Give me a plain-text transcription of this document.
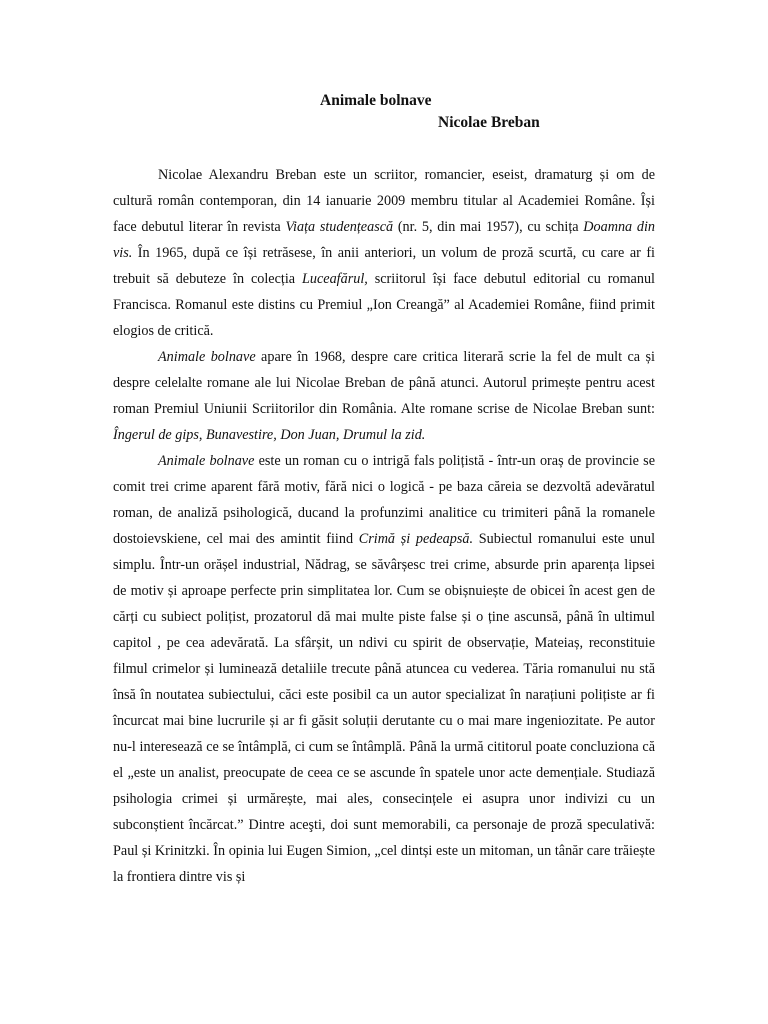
Animale bolnave
Nicolae Breban

Nicolae Alexandru Breban este un scriitor, romancier, eseist, dramaturg și om de cultură român contemporan, din 14 ianuarie 2009 membru titular al Academiei Române. Își face debutul literar în revista Viața studențească (nr. 5, din mai 1957), cu schița Doamna din vis. În 1965, după ce își retrăsese, în anii anteriori, un volum de proză scurtă, cu care ar fi trebuit să debuteze în colecția Luceafărul, scriitorul își face debutul editorial cu romanul Francisca. Romanul este distins cu Premiul „Ion Creangă” al Academiei Române, fiind primit elogios de critică.

Animale bolnave apare în 1968, despre care critica literară scrie la fel de mult ca și despre celelalte romane ale lui Nicolae Breban de până atunci. Autorul primește pentru acest roman Premiul Uniunii Scriitorilor din România. Alte romane scrise de Nicolae Breban sunt: Îngerul de gips, Bunavestire, Don Juan, Drumul la zid.

Animale bolnave este un roman cu o intrigă fals polițistă - într-un oraș de provincie se comit trei crime aparent fără motiv, fără nici o logică - pe baza căreia se dezvoltă adevăratul roman, de analiză psihologică, ducand la profunzimi analitice cu trimiteri până la romanele dostoievskiene, cel mai des amintit fiind Crimă și pedeapsă. Subiectul romanului este unul simplu. Într-un orășel industrial, Nădrag, se săvârșesc trei crime, absurde prin aparența lipsei de motiv și aproape perfecte prin simplitatea lor. Cum se obișnuiește de obicei în acest gen de cărți cu subiect polițist, prozatorul dă mai multe piste false și o ține ascunsă, până în ultimul capitol , pe cea adevărată. La sfârșit, un ndivi cu spirit de observație, Mateiaș, reconstituie filmul crimelor și luminează detaliile trecute până atuncea cu vederea. Tăria romanului nu stă însă în noutatea subiectului, căci este posibil ca un autor specializat în narațiuni polițiste ar fi încurcat mai bine lucrurile și ar fi găsit soluții derutante cu o mai mare ingeniozitate. Pe autor nu-l interesează ce se întâmplă, ci cum se întâmplă. Până la urmă cititorul poate concluziona că el „este un analist, preocupate de ceea ce se ascunde în spatele unor acte demențiale. Studiază psihologia crimei și urmărește, mai ales, consecințele ei asupra unor indivizi cu un subconștient încărcat.” Dintre aceşti, doi sunt memorabili, ca personaje de proză speculativă: Paul și Krinitzki. În opinia lui Eugen Simion, „cel dintși este un mitoman, un tânăr care trăiește la frontiera dintre vis și
